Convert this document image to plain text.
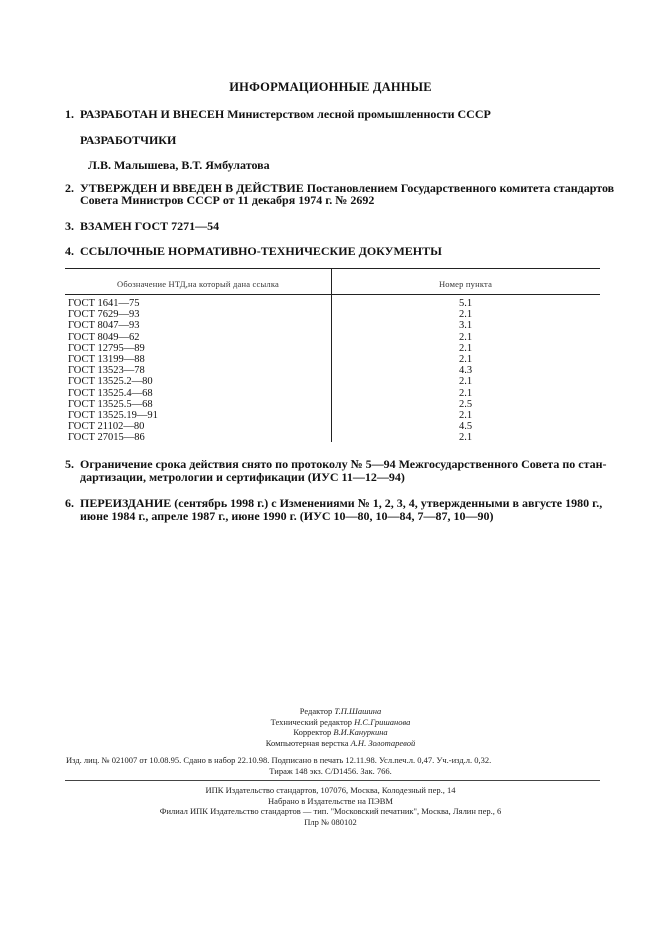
ИНФОРМАЦИОННЫЕ ДАННЫЕ
1. РАЗРАБОТАН И ВНЕСЕН Министерством лесной промышленности СССР
РАЗРАБОТЧИКИ
Л.В. Малышева, В.Т. Ямбулатова
2. УТВЕРЖДЕН И ВВЕДЕН В ДЕЙСТВИЕ Постановлением Государственного комитета стандартов
Совета Министров СССР от 11 декабря 1974 г. № 2692
3. ВЗАМЕН ГОСТ 7271—54
4. ССЫЛОЧНЫЕ НОРМАТИВНО-ТЕХНИЧЕСКИЕ ДОКУМЕНТЫ
Обозначение НТД,на который дана ссылка	Номер пункта
ГОСТ 1641—75
ГОСТ 7629—93
ГОСТ 8047—93
ГОСТ 8049—62
ГОСТ 12795—89
ГОСТ 13199—88
ГОСТ 13523—78
ГОСТ 13525.2—80
ГОСТ 13525.4—68
ГОСТ 13525.5—68
ГОСТ 13525.19—91
ГОСТ 21102—80
ГОСТ 27015—86
5.1
2.1
3.1
2.1
2.1
2.1
4.3
2.1
2.1
2.5
2.1
4.5
2.1
5. Ограничение срока действия снято по протоколу № 5—94 Межгосударственного Совета по стан-
дартизации, метрологии и сертификации (ИУС 11—12—94)
6. ПЕРЕИЗДАНИЕ (сентябрь 1998 г.) с Изменениями № 1, 2, 3, 4, утвержденными в августе 1980 г.,
июне 1984 г., апреле 1987 г., июне 1990 г. (ИУС 10—80, 10—84, 7—87, 10—90)
Редактор Т.П.Шашина
Технический редактор Н.С.Гришанова
Корректор В.И.Кануркина
Компьютерная верстка А.Н. Золотаревой
Изд. лиц. № 021007 от 10.08.95. Сдано в набор 22.10.98. Подписано в печать 12.11.98. Усл.печ.л. 0,47. Уч.-изд.л. 0,32.
Тираж 148 экз. С/D1456. Зак. 766.
ИПК Издательство стандартов, 107076, Москва, Колодезный пер., 14
Набрано в Издательстве на ПЭВМ
Филиал ИПК Издательство стандартов — тип. "Московский печатник", Москва, Лялин пер., 6
Плр № 080102
